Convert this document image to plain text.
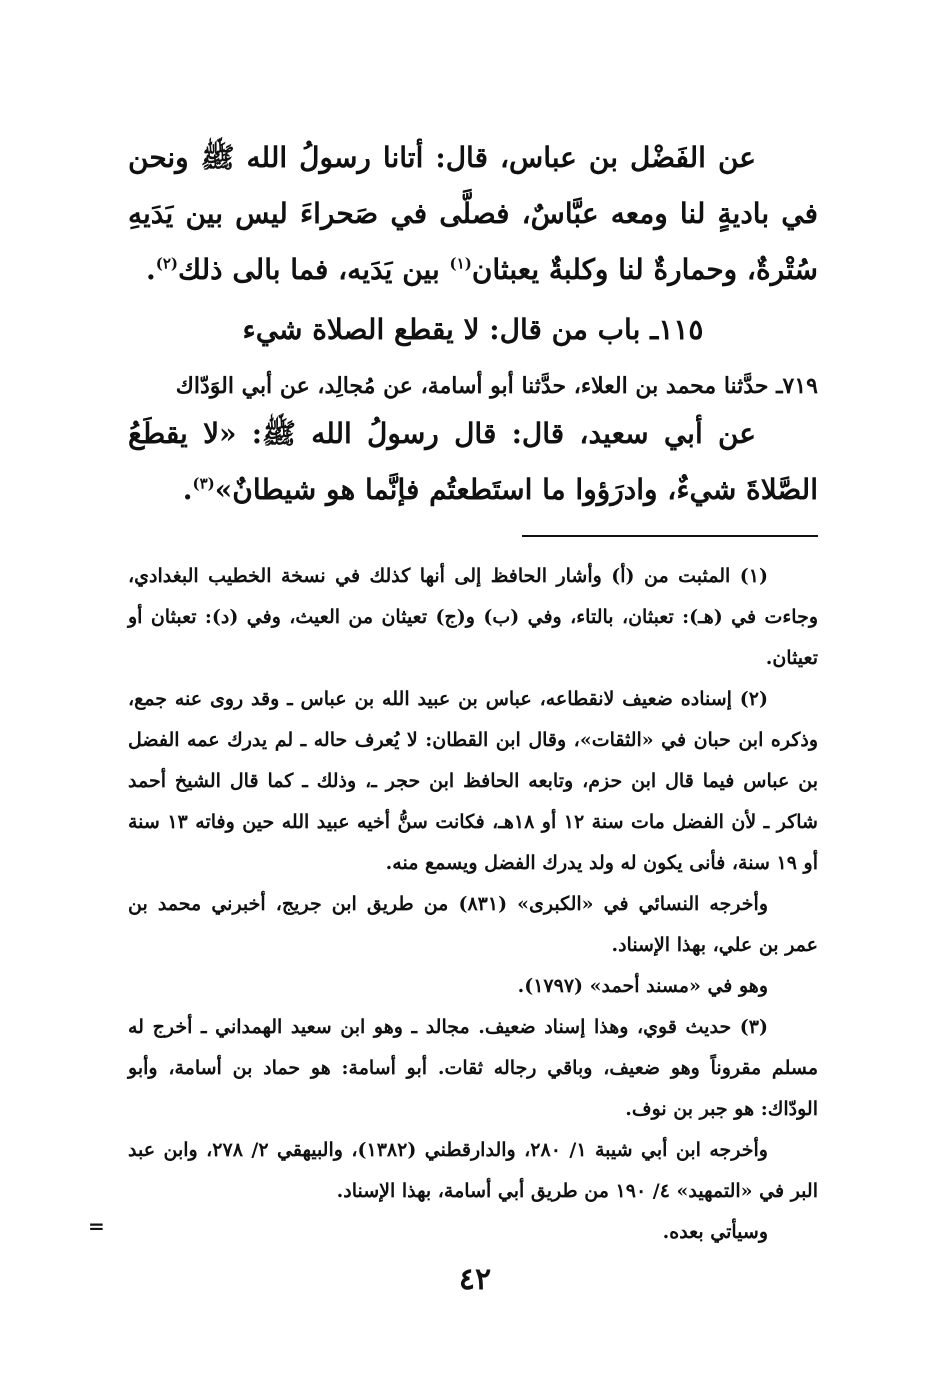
عن الفَضْل بن عباس، قال: أتانا رسولُ الله ﷺ ونحن في باديةٍ لنا ومعه عبَّاسٌ، فصلَّى في صَحراءَ ليس بين يَدَيهِ سُتْرةٌ، وحمارةٌ لنا وكلبةٌ يعبثان$^{(١)}$ بين يَدَيه، فما بالى ذلك$^{(٢)}$.

١١٥ـ باب من قال: لا يقطع الصلاة شيء

٧١٩ـ حدَّثنا محمد بن العلاء، حدَّثنا أبو أسامة، عن مُجالِد، عن أبي الوَدّاك

عن أبي سعيد، قال: قال رسولُ الله ﷺ: «لا يقطَعُ الصَّلاةَ شيءٌ، وادرَؤوا ما استَطعتُم فإنَّما هو شيطانٌ»$^{(٣)}$.

(١) المثبت من (أ) وأشار الحافظ إلى أنها كذلك في نسخة الخطيب البغدادي، وجاءت في (هـ): تعبثان، بالتاء، وفي (ب) و(ج) تعيثان من العيث، وفي (د): تعبثان أو تعيثان.

(٢) إسناده ضعيف لانقطاعه، عباس بن عبيد الله بن عباس ـ وقد روى عنه جمع، وذكره ابن حبان في «الثقات»، وقال ابن القطان: لا يُعرف حاله ـ لم يدرك عمه الفضل بن عباس فيما قال ابن حزم، وتابعه الحافظ ابن حجر ـ، وذلك ـ كما قال الشيخ أحمد شاكر ـ لأن الفضل مات سنة ١٢ أو ١٨هـ، فكانت سنُّ أخيه عبيد الله حين وفاته ١٣ سنة أو ١٩ سنة، فأنى يكون له ولد يدرك الفضل ويسمع منه.

وأخرجه النسائي في «الكبرى» (٨٣١) من طريق ابن جريج، أخبرني محمد بن عمر بن علي، بهذا الإسناد.

وهو في «مسند أحمد» (١٧٩٧).

(٣) حديث قوي، وهذا إسناد ضعيف. مجالد ـ وهو ابن سعيد الهمداني ـ أخرج له مسلم مقروناً وهو ضعيف، وباقي رجاله ثقات. أبو أسامة: هو حماد بن أسامة، وأبو الودّاك: هو جبر بن نوف.

وأخرجه ابن أبي شيبة ١/ ٢٨٠، والدارقطني (١٣٨٢)، والبيهقي ٢/ ٢٧٨، وابن عبد البر في «التمهيد» ٤/ ١٩٠ من طريق أبي أسامة، بهذا الإسناد.

وسيأتي بعده.

=
٤٢
